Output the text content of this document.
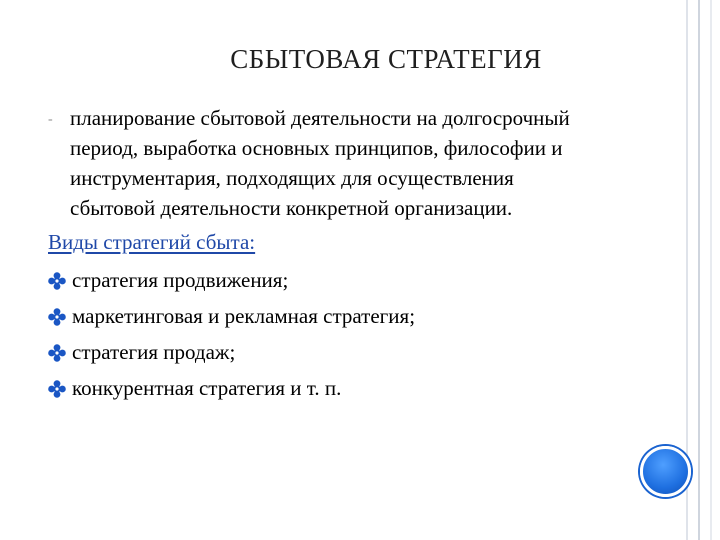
СБЫТОВАЯ СТРАТЕГИЯ
- планирование сбытовой деятельности на долгосрочный
период, выработка основных принципов, философии и
инструментария, подходящих для осуществления
сбытовой деятельности конкретной организации.
Виды стратегий сбыта:
стратегия продвижения;
маркетинговая и рекламная стратегия;
стратегия продаж;
конкурентная стратегия и т. п.
